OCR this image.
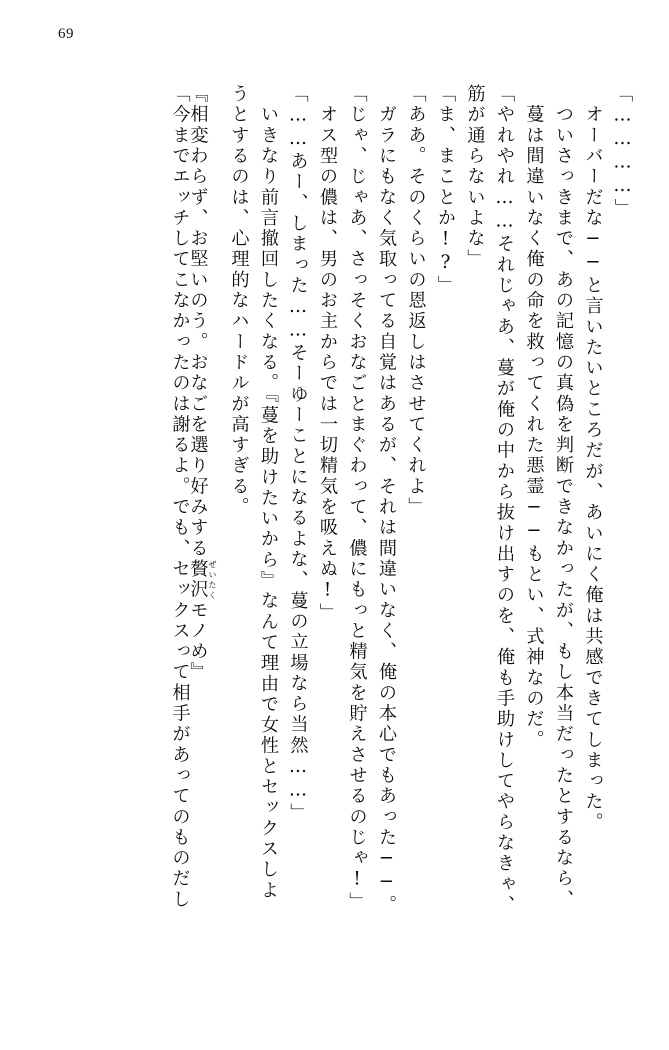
69
「…………」
　オーバーだな──と言いたいところだが、あいにく俺は共感できてしまった。
　ついさっきまで、あの記憶の真偽を判断できなかったが、もし本当だったとするなら、
　蔓は間違いなく俺の命を救ってくれた悪霊──もとい、式神なのだ。
「やれやれ……それじゃあ、蔓が俺の中から抜け出すのを、俺も手助けしてやらなきゃ、
筋が通らないよな」
「ま、まことか!?」
「ああ。そのくらいの恩返しはさせてくれよ」
　ガラにもなく気取ってる自覚はあるが、それは間違いなく、俺の本心でもあった──。
「じゃ、じゃあ、さっそくおなごとまぐわって、儂にもっと精気を貯えさせるのじゃ!」
　オス型の儂は、男のお主からでは一切精気を吸えぬ!」
「……あー、しまった……そーゆーことになるよな、蔓の立場なら当然……」
　いきなり前言撤回したくなる。『蔓を助けたいから』なんて理由で女性とセックスしよ
うとするのは、心理的なハードルが高すぎる。
『相変わらず、お堅いのう。おなごを選り好みする贅沢 ぜいたくモノめ』
「今までエッチしてこなかったのは謝るよ。でも、セックスって相手があってのものだし
